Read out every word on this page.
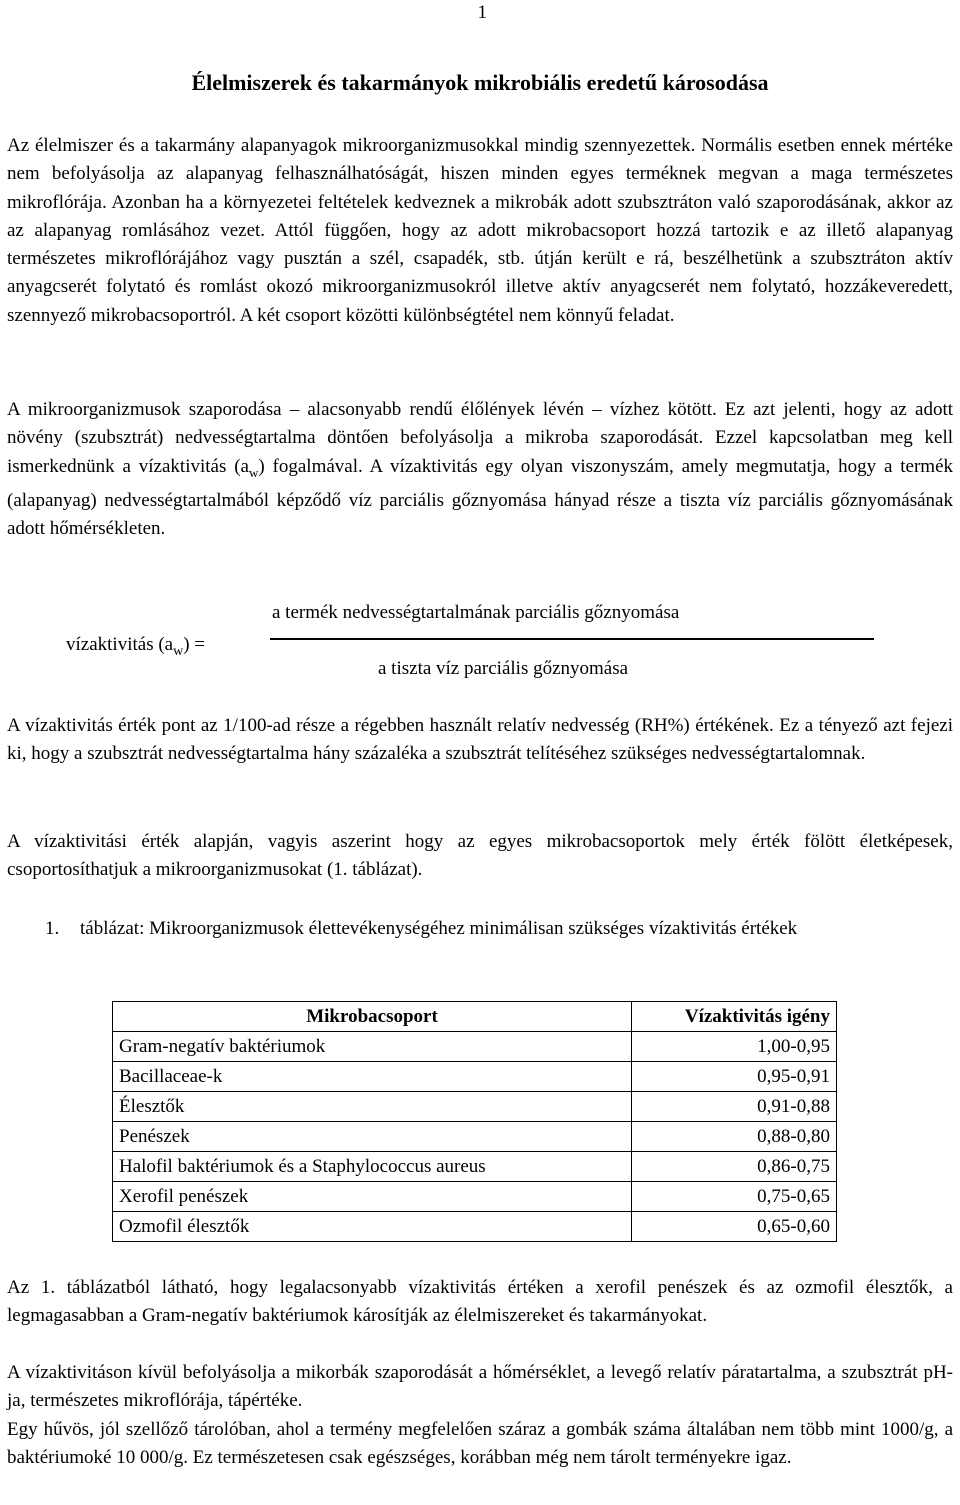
1
Élelmiszerek és takarmányok mikrobiális eredetű károsodása

Az élelmiszer és a takarmány alapanyagok mikroorganizmusokkal mindig szennyezettek. Normális esetben ennek mértéke nem befolyásolja az alapanyag felhasználhatóságát, hiszen minden egyes terméknek megvan a maga természetes mikroflórája. Azonban ha a környezetei feltételek kedveznek a mikrobák adott szubsztráton való szaporodásának, akkor az az alapanyag romlásához vezet. Attól függően, hogy az adott mikrobacsoport hozzá tartozik e az illető alapanyag természetes mikroflórájához vagy pusztán a szél, csapadék, stb. útján került e rá, beszélhetünk a szubsztráton aktív anyagcserét folytató és romlást okozó mikroorganizmusokról illetve aktív anyagcserét nem folytató, hozzákeveredett, szennyező mikrobacsoportról. A két csoport közötti különbségtétel nem könnyű feladat.

A mikroorganizmusok szaporodása – alacsonyabb rendű élőlények lévén – vízhez kötött. Ez azt jelenti, hogy az adott növény (szubsztrát) nedvességtartalma döntően befolyásolja a mikroba szaporodását. Ezzel kapcsolatban meg kell ismerkednünk a vízaktivitás $(a_w)$ fogalmával. A vízaktivitás egy olyan viszonyszám, amely megmutatja, hogy a termék (alapanyag) nedvességtartalmából képződő víz parciális gőznyomása hányad része a tiszta víz parciális gőznyomásának adott hőmérsékleten.

vízaktivitás $(a_w)$ =
a termék nedvességtartalmának parciális gőznyomása
a tiszta víz parciális gőznyomása

A vízaktivitás érték pont az 1/100-ad része a régebben használt relatív nedvesség (RH%) értékének. Ez a tényező azt fejezi ki, hogy a szubsztrát nedvességtartalma hány százaléka a szubsztrát telítéséhez szükséges nedvességtartalomnak.

A vízaktivitási érték alapján, vagyis aszerint hogy az egyes mikrobacsoportok mely érték fölött életképesek, csoportosíthatjuk a mikroorganizmusokat (1. táblázat).

1. táblázat: Mikroorganizmusok élettevékenységéhez minimálisan szükséges vízaktivitás értékek
Mikrobacsoport	Vízaktivitás igény
Gram-negatív baktériumok	1,00-0,95
Bacillaceae-k	0,95-0,91
Élesztők	0,91-0,88
Penészek	0,88-0,80
Halofil baktériumok és a Staphylococcus aureus	0,86-0,75
Xerofil penészek	0,75-0,65
Ozmofil élesztők	0,65-0,60

Az 1. táblázatból látható, hogy legalacsonyabb vízaktivitás értéken a xerofil penészek és az ozmofil élesztők, a legmagasabban a Gram-negatív baktériumok károsítják az élelmiszereket és takarmányokat.

A vízaktivitáson kívül befolyásolja a mikorbák szaporodását a hőmérséklet, a levegő relatív páratartalma, a szubsztrát pH-ja, természetes mikroflórája, tápértéke.

Egy hűvös, jól szellőző tárolóban, ahol a termény megfelelően száraz a gombák száma általában nem több mint 1000/g, a baktériumoké 10 000/g. Ez természetesen csak egészséges, korábban még nem tárolt terményekre igaz.
